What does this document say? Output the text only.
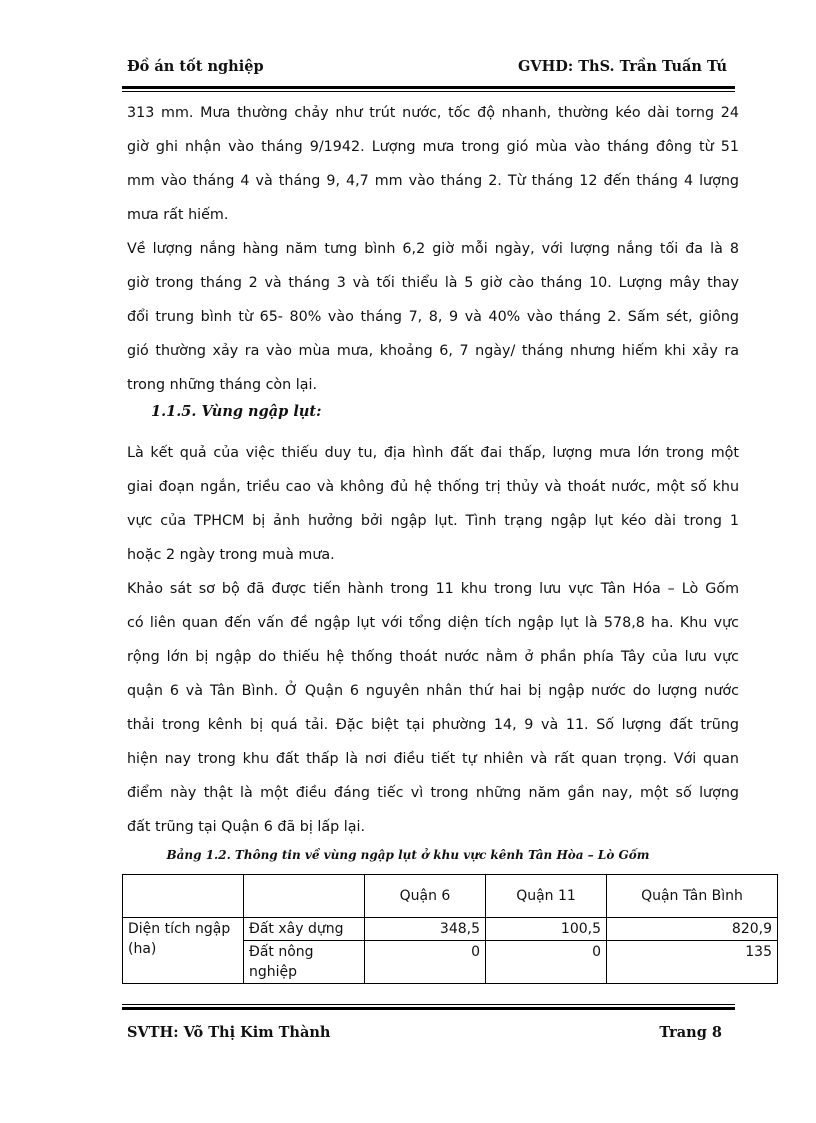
Đồ án tốt nghiệp	GVHD: ThS. Trần Tuấn Tú

313 mm. Mưa thường chảy như trút nước, tốc độ nhanh, thường kéo dài torng 24
giờ ghi nhận vào tháng 9/1942. Lượng mưa trong gió mùa vào tháng đông từ 51
mm vào tháng 4 và tháng 9, 4,7 mm vào tháng 2. Từ tháng 12 đến tháng 4 lượng
mưa rất hiếm.

Về lượng nắng hàng năm tưng bình 6,2 giờ mỗi ngày, với lượng nắng tối đa là 8
giờ trong tháng 2 và tháng 3 và tối thiểu là 5 giờ cào tháng 10. Lượng mây thay
đổi trung bình từ 65- 80% vào tháng 7, 8, 9 và 40% vào tháng 2. Sấm sét, giông
gió thường xảy ra vào mùa mưa, khoảng 6, 7 ngày/ tháng nhưng hiếm khi xảy ra
trong những tháng còn lại.

Là kết quả của việc thiếu duy tu, địa hình đất đai thấp, lượng mưa lớn trong một
giai đoạn ngắn, triều cao và không đủ hệ thống trị thủy và thoát nước, một số khu
vực của TPHCM bị ảnh hưởng bởi ngập lụt. Tình trạng ngập lụt kéo dài trong 1
hoặc 2 ngày trong muà mưa.

Khảo sát sơ bộ đã được tiến hành trong 11 khu trong lưu vực Tân Hóa – Lò Gốm
có liên quan đến vấn đề ngập lụt với tổng diện tích ngập lụt là 578,8 ha. Khu vực
rộng lớn bị ngập do thiếu hệ thống thoát nước nằm ở phần phía Tây của lưu vực
quận 6 và Tân Bình. Ở Quận 6 nguyên nhân thứ hai bị ngập nước do lượng nước
thải trong kênh bị quá tải. Đặc biệt tại phường 14, 9 và 11. Số lượng đất trũng
hiện nay trong khu đất thấp là nơi điều tiết tự nhiên và rất quan trọng. Với quan
điểm này thật là một điều đáng tiếc vì trong những năm gần nay, một số lượng
đất trũng tại Quận 6 đã bị lấp lại.

1.1.5. Vùng ngập lụt:
Bảng 1.2. Thông tin về vùng ngập lụt ở khu vực kênh Tân Hòa – Lò Gốm
		Quận 6	Quận 11	Quận Tân Bình
Diện tích ngập (ha)	Đất xây dựng	348,5	100,5	820,9
	Đất nông nghiệp	0	0	135
SVTH: Võ Thị Kim Thành	Trang 8
